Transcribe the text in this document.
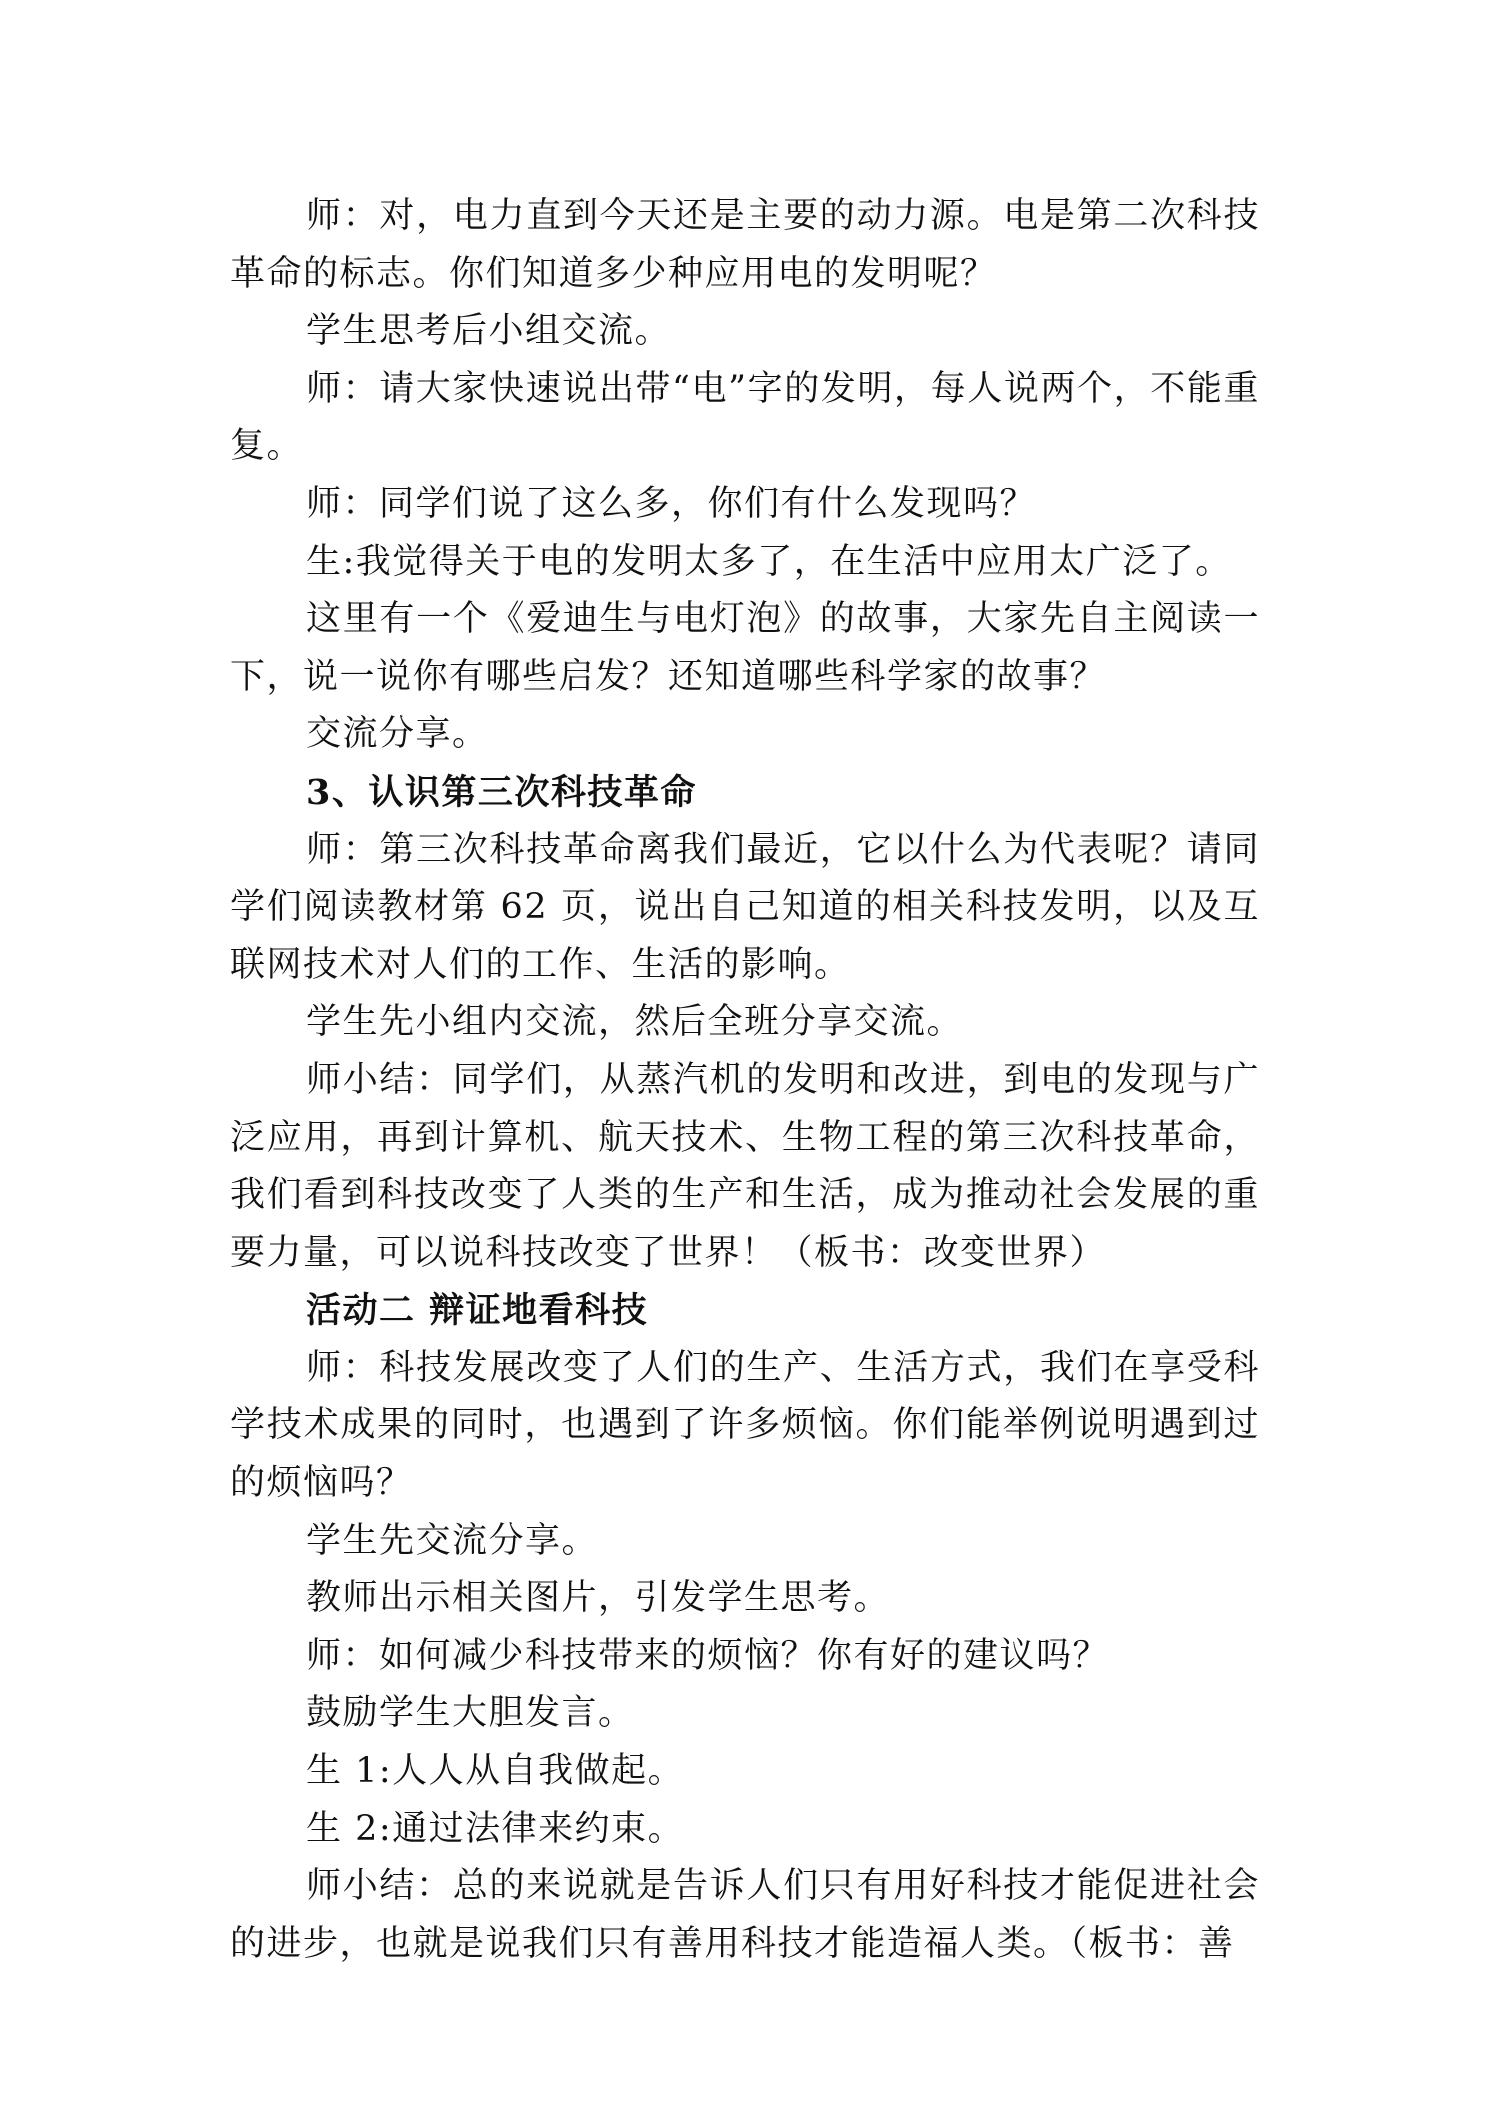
师：对，电力直到今天还是主要的动力源。电是第二次科技革命的标志。你们知道多少种应用电的发明呢？

学生思考后小组交流。

师：请大家快速说出带“电”字的发明，每人说两个，不能重复。

师：同学们说了这么多，你们有什么发现吗？

生:我觉得关于电的发明太多了，在生活中应用太广泛了。

这里有一个《爱迪生与电灯泡》的故事，大家先自主阅读一下，说一说你有哪些启发？还知道哪些科学家的故事？

交流分享。

3、认识第三次科技革命

师：第三次科技革命离我们最近，它以什么为代表呢？请同学们阅读教材第 62 页，说出自己知道的相关科技发明，以及互联网技术对人们的工作、生活的影响。

学生先小组内交流，然后全班分享交流。

师小结：同学们，从蒸汽机的发明和改进，到电的发现与广泛应用，再到计算机、航天技术、生物工程的第三次科技革命，我们看到科技改变了人类的生产和生活，成为推动社会发展的重要力量，可以说科技改变了世界！（板书：改变世界）

活动二 辩证地看科技

师：科技发展改变了人们的生产、生活方式，我们在享受科学技术成果的同时，也遇到了许多烦恼。你们能举例说明遇到过的烦恼吗？

学生先交流分享。

教师出示相关图片，引发学生思考。

师：如何减少科技带来的烦恼？你有好的建议吗？

鼓励学生大胆发言。

生 1:人人从自我做起。

生 2:通过法律来约束。

师小结：总的来说就是告诉人们只有用好科技才能促进社会的进步，也就是说我们只有善用科技才能造福人类。（板书：善
